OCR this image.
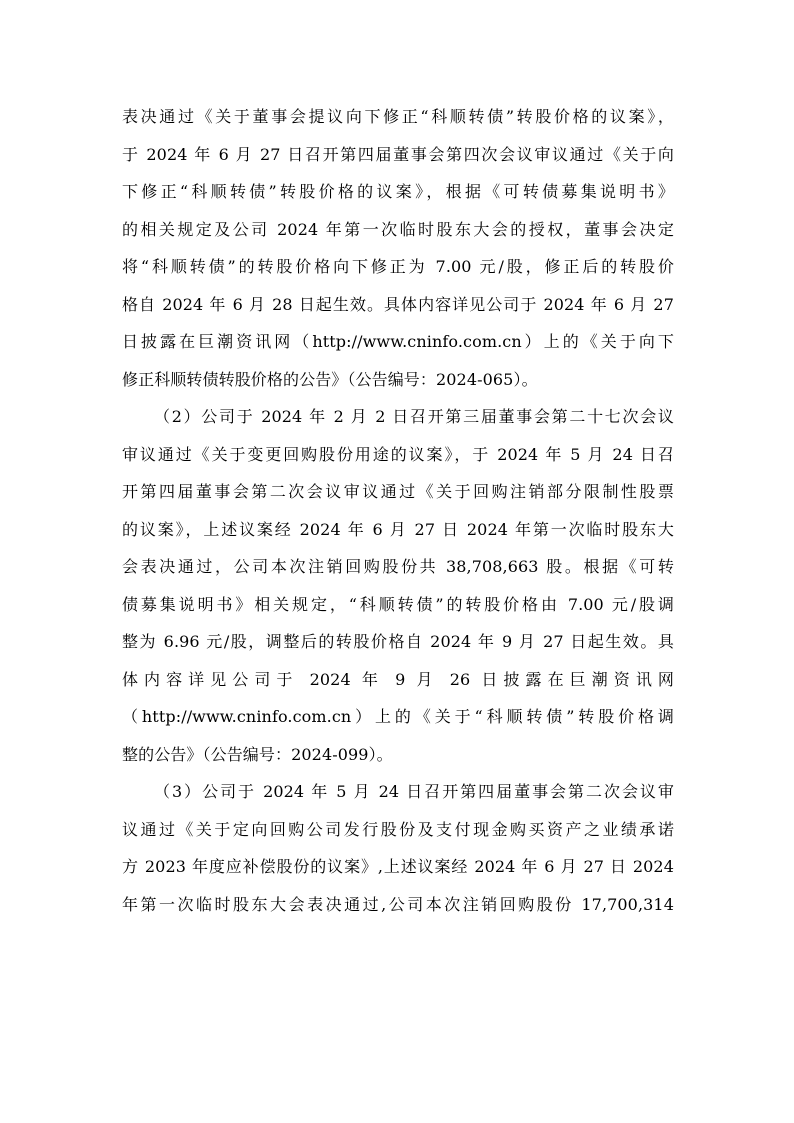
表决通过《关于董事会提议向下修正“科顺转债”转股价格的议案》，
于 2024 年 6 月 27 日召开第四届董事会第四次会议审议通过《关于向
下修正“科顺转债”转股价格的议案》，根据《可转债募集说明书》
的相关规定及公司 2024 年第一次临时股东大会的授权，董事会决定
将“科顺转债”的转股价格向下修正为 7.00 元/股，修正后的转股价
格自 2024 年 6 月 28 日起生效。具体内容详见公司于 2024 年 6 月 27
日披露在巨潮资讯网（http://www.cninfo.com.cn）上的《关于向下
修正科顺转债转股价格的公告》（公告编号：2024-065）。
（2）公司于 2024 年 2 月 2 日召开第三届董事会第二十七次会议
审议通过《关于变更回购股份用途的议案》，于 2024 年 5 月 24 日召
开第四届董事会第二次会议审议通过《关于回购注销部分限制性股票
的议案》，上述议案经 2024 年 6 月 27 日 2024 年第一次临时股东大
会表决通过，公司本次注销回购股份共 38,708,663 股。根据《可转
债募集说明书》相关规定，“科顺转债”的转股价格由 7.00 元/股调
整为 6.96 元/股，调整后的转股价格自 2024 年 9 月 27 日起生效。具
体内容详见公司于 2024 年 9 月 26 日披露在巨潮资讯网
（http://www.cninfo.com.cn）上的《关于“科顺转债”转股价格调
整的公告》（公告编号：2024-099）。
（3）公司于 2024 年 5 月 24 日召开第四届董事会第二次会议审
议通过《关于定向回购公司发行股份及支付现金购买资产之业绩承诺
方 2023 年度应补偿股份的议案》,上述议案经 2024 年 6 月 27 日 2024
年第一次临时股东大会表决通过,公司本次注销回购股份 17,700,314
